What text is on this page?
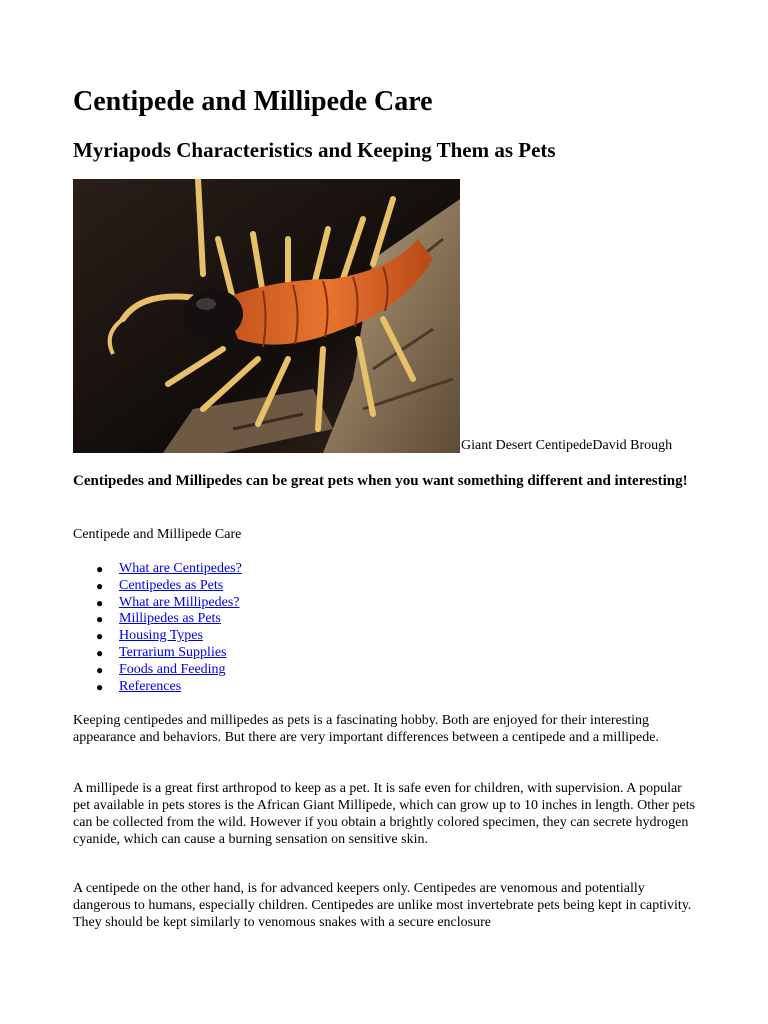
Centipede and Millipede Care
Myriapods Characteristics and Keeping Them as Pets
Giant Desert CentipedeDavid Brough

Centipedes and Millipedes can be great pets when you want something different and interesting!

Centipede and Millipede Care

● What are Centipedes?
● Centipedes as Pets
● What are Millipedes?
● Millipedes as Pets
● Housing Types
● Terrarium Supplies
● Foods and Feeding
● References

Keeping centipedes and millipedes as pets is a fascinating hobby. Both are enjoyed for their interesting appearance and behaviors. But there are very important differences between a centipede and a millipede.

A millipede is a great first arthropod to keep as a pet. It is safe even for children, with supervision. A popular pet available in pets stores is the African Giant Millipede, which can grow up to 10 inches in length. Other pets can be collected from the wild. However if you obtain a brightly colored specimen, they can secrete hydrogen cyanide, which can cause a burning sensation on sensitive skin.

A centipede on the other hand, is for advanced keepers only. Centipedes are venomous and potentially dangerous to humans, especially children. Centipedes are unlike most invertebrate pets being kept in captivity. They should be kept similarly to venomous snakes with a secure enclosure
